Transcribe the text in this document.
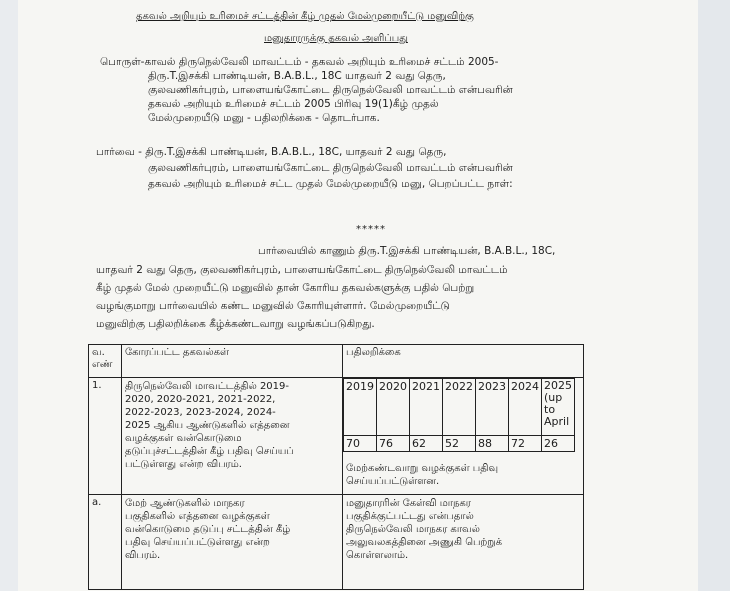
தகவல் அறியும் உரிமைச் சட்டத்தின் கீழ் முதல் மேல்முறையீட்டு மனுவிற்கு
மனுதாரருக்கு தகவல் அளிப்பது
பொருள்-காவல் திருநெல்வேலி மாவட்டம் - தகவல் அறியும் உரிமைச் சட்டம் 2005-
திரு.T.இசக்கி பாண்டியன், B.A.B.L., 18C யாதவர் 2 வது தெரு,
குலவணிகர்புரம், பாளையங்கோட்டை திருநெல்வேலி மாவட்டம் என்பவரின்
தகவல் அறியும் உரிமைச் சட்டம் 2005 பிரிவு 19(1)கீழ் முதல்
மேல்முறையீடு மனு - பதிலறிக்கை - தொடர்பாக.
பார்வை - திரு.T.இசக்கி பாண்டியன், B.A.B.L., 18C, யாதவர் 2 வது தெரு,
குலவணிகர்புரம், பாளையங்கோட்டை திருநெல்வேலி மாவட்டம் என்பவரின்
தகவல் அறியும் உரிமைச் சட்ட முதல் மேல்முறையீடு மனு, பெறப்பட்ட நாள்:
*****
பார்வையில் காணும் திரு.T.இசக்கி பாண்டியன், B.A.B.L., 18C,
யாதவர் 2 வது தெரு, குலவணிகர்புரம், பாளையங்கோட்டை திருநெல்வேலி மாவட்டம்
கீழ் முதல் மேல் முறையீட்டு மனுவில் தான் கோரிய தகவல்களுக்கு பதில் பெற்று
வழங்குமாறு பார்வையில் கண்ட மனுவில் கோரியுள்ளார். மேல்முறையீட்டு
மனுவிற்கு பதிலறிக்கை கீழ்க்கண்டவாறு வழங்கப்படுகிறது.
வ. எண்	கோரப்பட்ட தகவல்கள்	பதிலறிக்கை
1.	திருநெல்வேலி மாவட்டத்தில் 2019-
2020, 2020-2021, 2021-2022,
2022-2023, 2023-2024, 2024-
2025 ஆகிய ஆண்டுகளில் எத்தனை
வழக்குகள் வன்கொடுமை
தடுப்புச்சட்டத்தின் கீழ் பதிவு செய்யப்
பட்டுள்ளது என்ற விபரம்.

2019	2020	2021	2022	2023	2024	2025 (up to April
70	76	62	52	88	72	26
மேற்கண்டவாறு வழக்குகள் பதிவு
செய்யப்பட்டுள்ளன.

a.	மேற் ஆண்டுகளில் மாநகர
பகுதிகளில் எத்தனை வழக்குகள்
வன்கொடுமை தடுப்பு சட்டத்தின் கீழ்
பதிவு செய்யப்பட்டுள்ளது என்ற
விபரம்.

மனுதாரரின் கேள்வி மாநகர
பகுதிக்குட்பட்டது என்பதால்
திருநெல்வேலி மாநகர காவல்
அலுவலகத்தினை அணுகி பெற்றுக்
கொள்ளலாம்.
